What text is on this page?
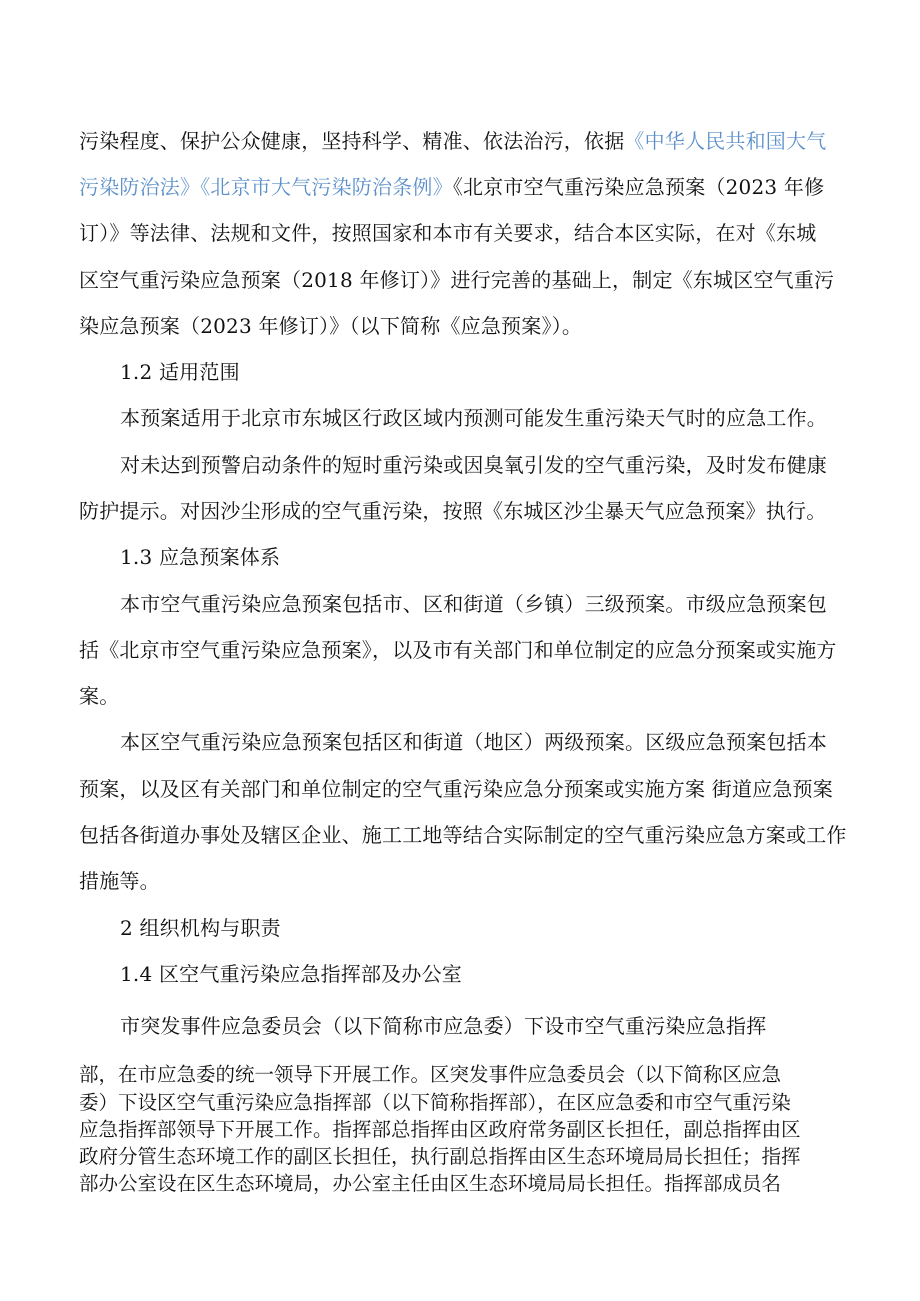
污染程度、保护公众健康，坚持科学、精准、依法治污，依据《中华人民共和国大气
污染防治法》《北京市大气污染防治条例》《北京市空气重污染应急预案（2023 年修
订）》等法律、法规和文件，按照国家和本市有关要求，结合本区实际，在对《东城
区空气重污染应急预案（2018 年修订）》进行完善的基础上，制定《东城区空气重污
染应急预案（2023 年修订）》（以下简称《应急预案》）。
1.2 适用范围
本预案适用于北京市东城区行政区域内预测可能发生重污染天气时的应急工作。
对未达到预警启动条件的短时重污染或因臭氧引发的空气重污染，及时发布健康
防护提示。对因沙尘形成的空气重污染，按照《东城区沙尘暴天气应急预案》执行。
1.3 应急预案体系
本市空气重污染应急预案包括市、区和街道（乡镇）三级预案。市级应急预案包
括《北京市空气重污染应急预案》，以及市有关部门和单位制定的应急分预案或实施方
案。
本区空气重污染应急预案包括区和街道（地区）两级预案。区级应急预案包括本
预案，以及区有关部门和单位制定的空气重污染应急分预案或实施方案 街道应急预案
包括各街道办事处及辖区企业、施工工地等结合实际制定的空气重污染应急方案或工作
措施等。
2 组织机构与职责
1.4 区空气重污染应急指挥部及办公室
市突发事件应急委员会（以下简称市应急委）下设市空气重污染应急指挥
部，在市应急委的统一领导下开展工作。区突发事件应急委员会（以下简称区应急
委）下设区空气重污染应急指挥部（以下简称指挥部），在区应急委和市空气重污染
应急指挥部领导下开展工作。指挥部总指挥由区政府常务副区长担任，副总指挥由区
政府分管生态环境工作的副区长担任，执行副总指挥由区生态环境局局长担任；指挥
部办公室设在区生态环境局，办公室主任由区生态环境局局长担任。指挥部成员名
